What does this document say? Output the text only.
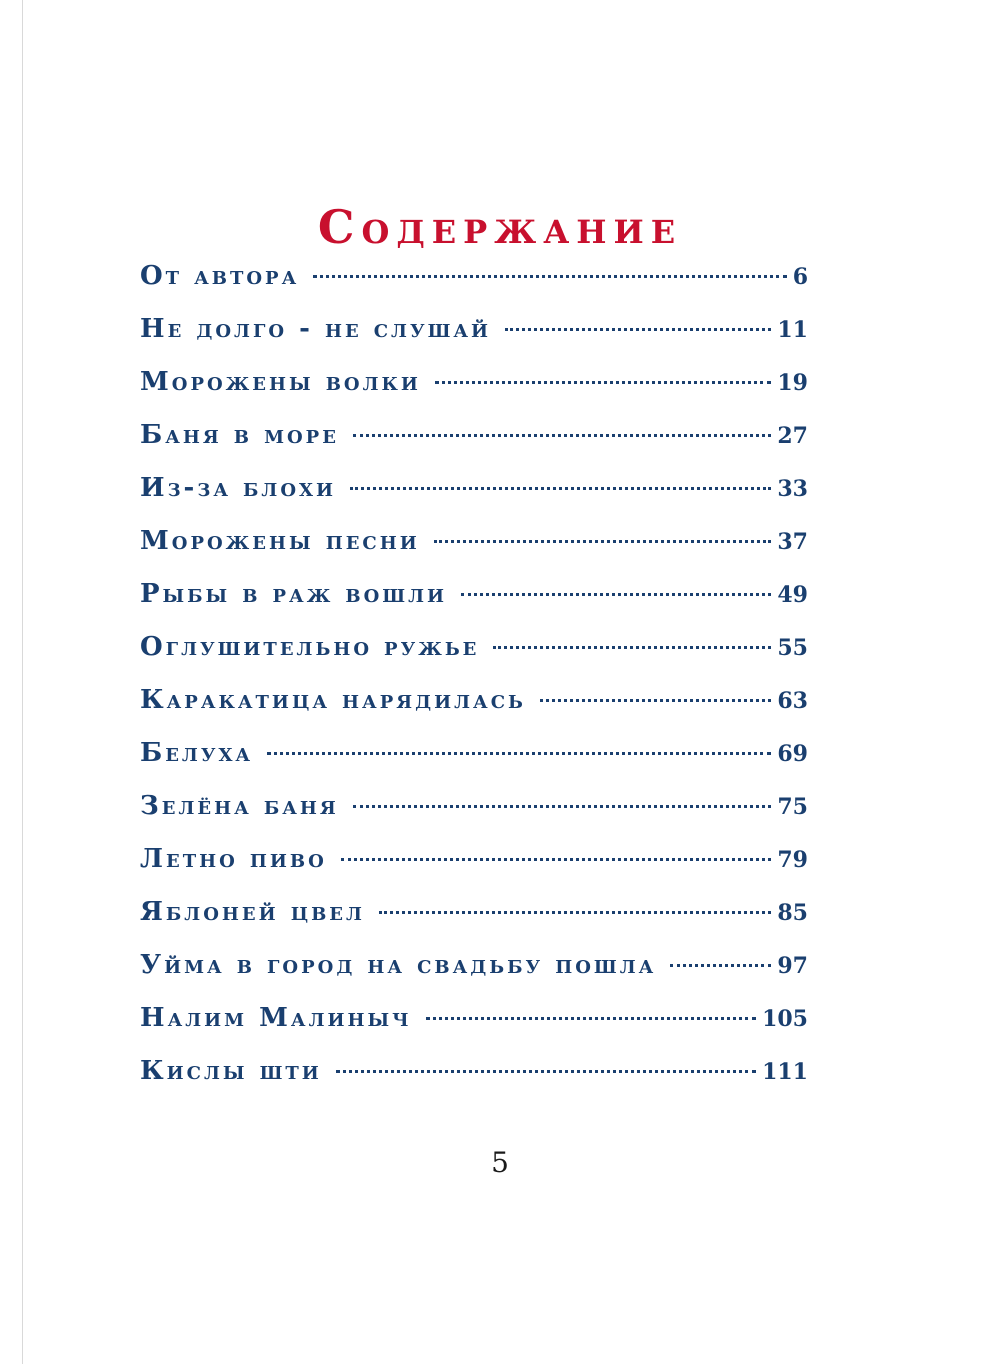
Содержание
От автора	6
Не долго - не слушай	11
Морожены волки	19
Баня в море	27
Из-за блохи	33
Морожены песни	37
Рыбы в раж вошли	49
Оглушительно ружье	55
Каракатица нарядилась	63
Белуха	69
Зелёна баня	75
Летно пиво	79
Яблоней цвел	85
Уйма в город на свадьбу пошла	97
Налим Малиныч	105
Кислы шти	111
5
